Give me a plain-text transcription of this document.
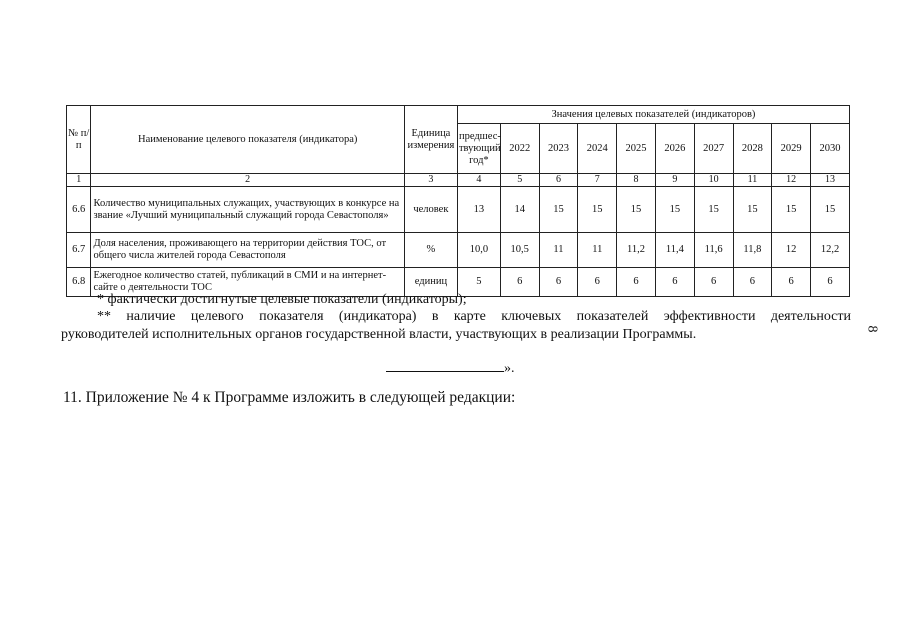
№ п/п	Наименование целевого показателя (индикатора)	Единица измерения	Значения целевых показателей (индикаторов)									
			предшес-твующий год*	2022	2023	2024	2025	2026	2027	2028	2029	2030
1	2	3	4	5	6	7	8	9	10	11	12	13
6.6	Количество муниципальных служащих, участвующих в конкурсе на звание «Лучший муниципальный служащий города Севастополя»	человек	13	14	15	15	15	15	15	15	15	15
6.7	Доля населения, проживающего на территории действия ТОС, от общего числа жителей города Севастополя	%	10,0	10,5	11	11	11,2	11,4	11,6	11,8	12	12,2
6.8	Ежегодное количество статей, публикаций в СМИ и на интернет-сайте о деятельности ТОС	единиц	5	6	6	6	6	6	6	6	6	6
* фактически достигнутые целевые показатели (индикаторы);
** наличие целевого показателя (индикатора) в карте ключевых показателей эффективности деятельности
руководителей исполнительных органов государственной власти, участвующих в реализации Программы.
».
11. Приложение № 4 к Программе изложить в следующей редакции:
8
